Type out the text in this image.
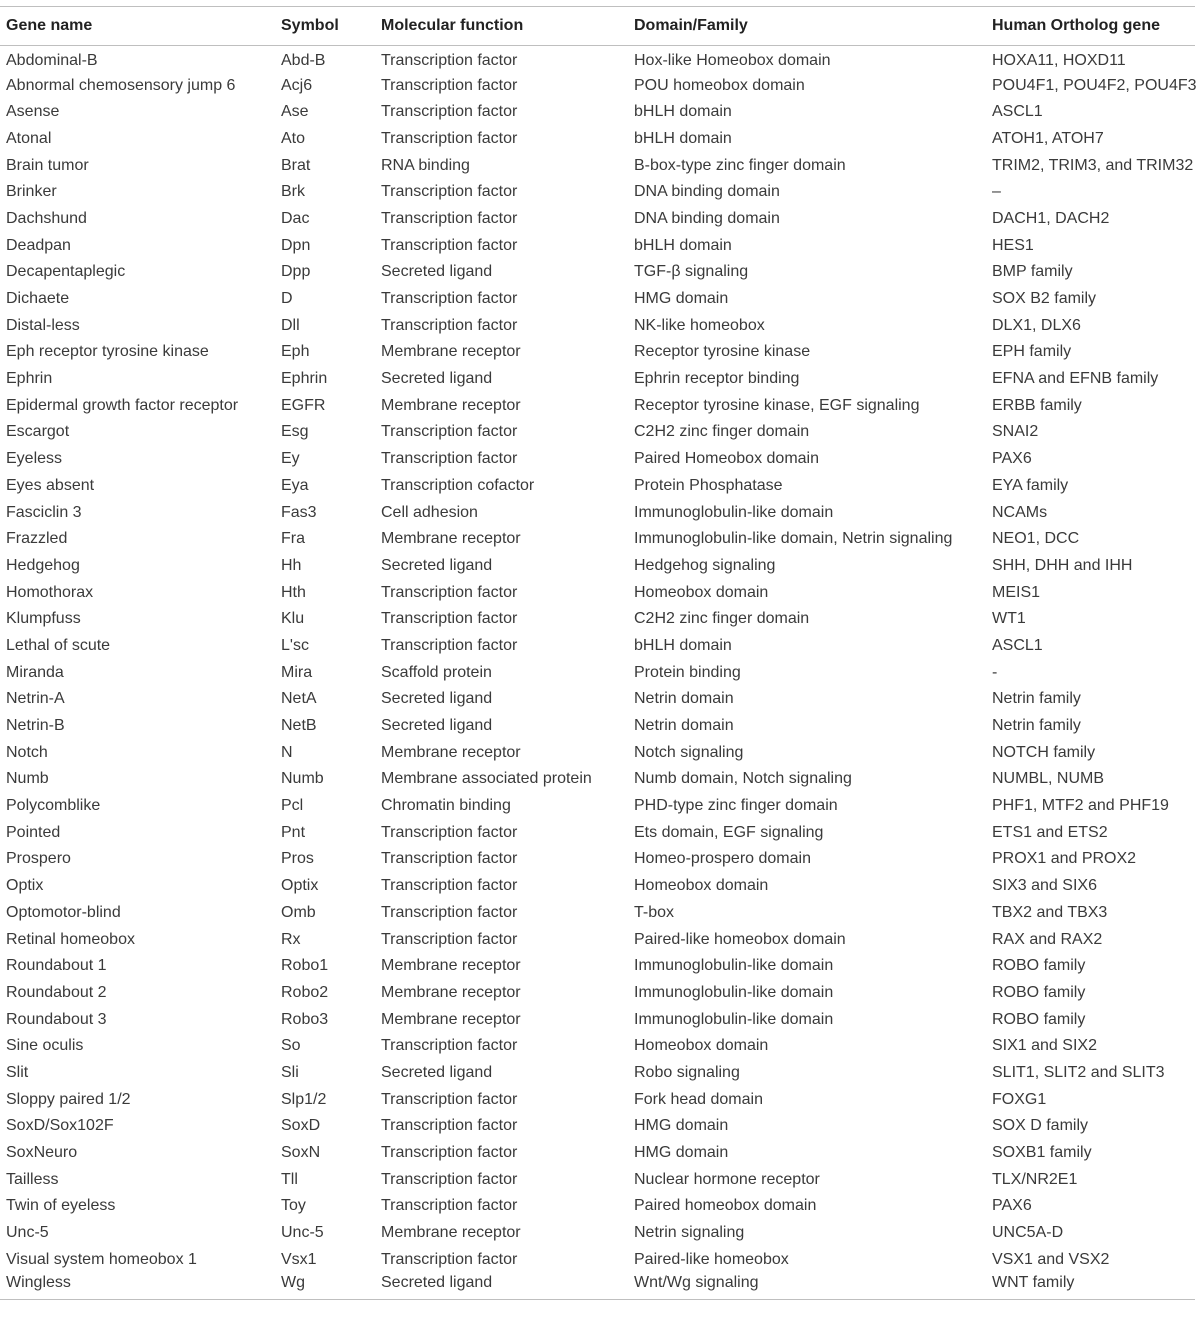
Gene name	Symbol	Molecular function	Domain/Family	Human Ortholog gene
Abdominal-B	Abd-B	Transcription factor	Hox-like Homeobox domain	HOXA11, HOXD11
Abnormal chemosensory jump 6	Acj6	Transcription factor	POU homeobox domain	POU4F1, POU4F2, POU4F3
Asense	Ase	Transcription factor	bHLH domain	ASCL1
Atonal	Ato	Transcription factor	bHLH domain	ATOH1, ATOH7
Brain tumor	Brat	RNA binding	B-box-type zinc finger domain	TRIM2, TRIM3, and TRIM32
Brinker	Brk	Transcription factor	DNA binding domain	–
Dachshund	Dac	Transcription factor	DNA binding domain	DACH1, DACH2
Deadpan	Dpn	Transcription factor	bHLH domain	HES1
Decapentaplegic	Dpp	Secreted ligand	TGF-β signaling	BMP family
Dichaete	D	Transcription factor	HMG domain	SOX B2 family
Distal-less	Dll	Transcription factor	NK-like homeobox	DLX1, DLX6
Eph receptor tyrosine kinase	Eph	Membrane receptor	Receptor tyrosine kinase	EPH family
Ephrin	Ephrin	Secreted ligand	Ephrin receptor binding	EFNA and EFNB family
Epidermal growth factor receptor	EGFR	Membrane receptor	Receptor tyrosine kinase, EGF signaling	ERBB family
Escargot	Esg	Transcription factor	C2H2 zinc finger domain	SNAI2
Eyeless	Ey	Transcription factor	Paired Homeobox domain	PAX6
Eyes absent	Eya	Transcription cofactor	Protein Phosphatase	EYA family
Fasciclin 3	Fas3	Cell adhesion	Immunoglobulin-like domain	NCAMs
Frazzled	Fra	Membrane receptor	Immunoglobulin-like domain, Netrin signaling	NEO1, DCC
Hedgehog	Hh	Secreted ligand	Hedgehog signaling	SHH, DHH and IHH
Homothorax	Hth	Transcription factor	Homeobox domain	MEIS1
Klumpfuss	Klu	Transcription factor	C2H2 zinc finger domain	WT1
Lethal of scute	L'sc	Transcription factor	bHLH domain	ASCL1
Miranda	Mira	Scaffold protein	Protein binding	-
Netrin-A	NetA	Secreted ligand	Netrin domain	Netrin family
Netrin-B	NetB	Secreted ligand	Netrin domain	Netrin family
Notch	N	Membrane receptor	Notch signaling	NOTCH family
Numb	Numb	Membrane associated protein	Numb domain, Notch signaling	NUMBL, NUMB
Polycomblike	Pcl	Chromatin binding	PHD-type zinc finger domain	PHF1, MTF2 and PHF19
Pointed	Pnt	Transcription factor	Ets domain, EGF signaling	ETS1 and ETS2
Prospero	Pros	Transcription factor	Homeo-prospero domain	PROX1 and PROX2
Optix	Optix	Transcription factor	Homeobox domain	SIX3 and SIX6
Optomotor-blind	Omb	Transcription factor	T-box	TBX2 and TBX3
Retinal homeobox	Rx	Transcription factor	Paired-like homeobox domain	RAX and RAX2
Roundabout 1	Robo1	Membrane receptor	Immunoglobulin-like domain	ROBO family
Roundabout 2	Robo2	Membrane receptor	Immunoglobulin-like domain	ROBO family
Roundabout 3	Robo3	Membrane receptor	Immunoglobulin-like domain	ROBO family
Sine oculis	So	Transcription factor	Homeobox domain	SIX1 and SIX2
Slit	Sli	Secreted ligand	Robo signaling	SLIT1, SLIT2 and SLIT3
Sloppy paired 1/2	Slp1/2	Transcription factor	Fork head domain	FOXG1
SoxD/Sox102F	SoxD	Transcription factor	HMG domain	SOX D family
SoxNeuro	SoxN	Transcription factor	HMG domain	SOXB1 family
Tailless	Tll	Transcription factor	Nuclear hormone receptor	TLX/NR2E1
Twin of eyeless	Toy	Transcription factor	Paired homeobox domain	PAX6
Unc-5	Unc-5	Membrane receptor	Netrin signaling	UNC5A-D
Visual system homeobox 1	Vsx1	Transcription factor	Paired-like homeobox	VSX1 and VSX2
Wingless	Wg	Secreted ligand	Wnt/Wg signaling	WNT family
